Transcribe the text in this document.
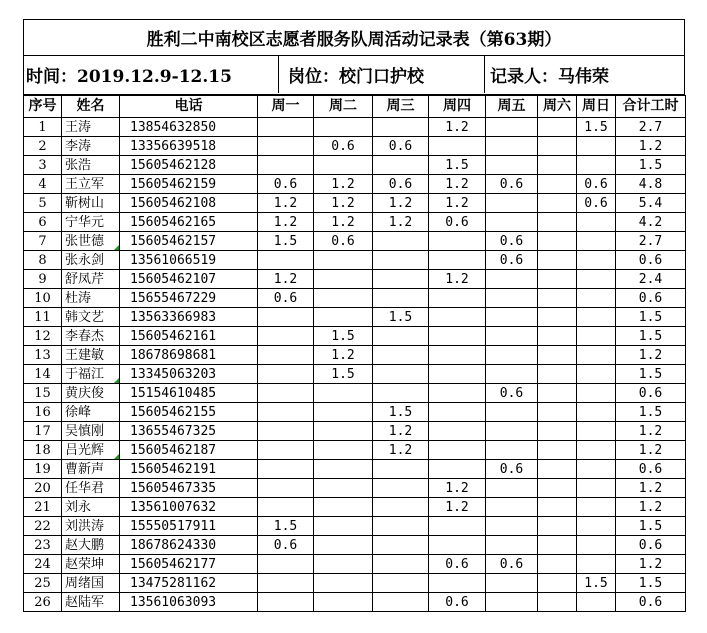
胜利二中南校区志愿者服务队周活动记录表（第63期）
时间：2019.12.9-12.15	岗位：校门口护校	记录人：马伟荣
序号	姓名	电话	周一	周二	周三	周四	周五	周六	周日	合计工时
1	王涛	13854632850				1.2			1.5	2.7
2	李涛	13356639518		0.6	0.6					1.2
3	张浩	15605462128				1.5				1.5
4	王立军	15605462159	0.6	1.2	0.6	1.2	0.6		0.6	4.8
5	靳树山	15605462108	1.2	1.2	1.2	1.2			0.6	5.4
6	宁华元	15605462165	1.2	1.2	1.2	0.6				4.2
7	张世德	15605462157	1.5	0.6			0.6			2.7
8	张永剑	13561066519					0.6			0.6
9	舒凤芹	15605462107	1.2			1.2				2.4
10	杜涛	15655467229	0.6							0.6
11	韩文艺	13563366983			1.5					1.5
12	李春杰	15605462161		1.5						1.5
13	王建敏	18678698681		1.2						1.2
14	于福江	13345063203		1.5						1.5
15	黄庆俊	15154610485					0.6			0.6
16	徐峰	15605462155			1.5					1.5
17	吴慎刚	13655467325			1.2					1.2
18	吕光辉	15605462187			1.2					1.2
19	曹新声	15605462191					0.6			0.6
20	任华君	15605467335				1.2				1.2
21	刘永	13561007632				1.2				1.2
22	刘洪涛	15550517911	1.5							1.5
23	赵大鹏	18678624330	0.6							0.6
24	赵荣坤	15605462177				0.6	0.6			1.2
25	周绪国	13475281162							1.5	1.5
26	赵陆军	13561063093				0.6				0.6
